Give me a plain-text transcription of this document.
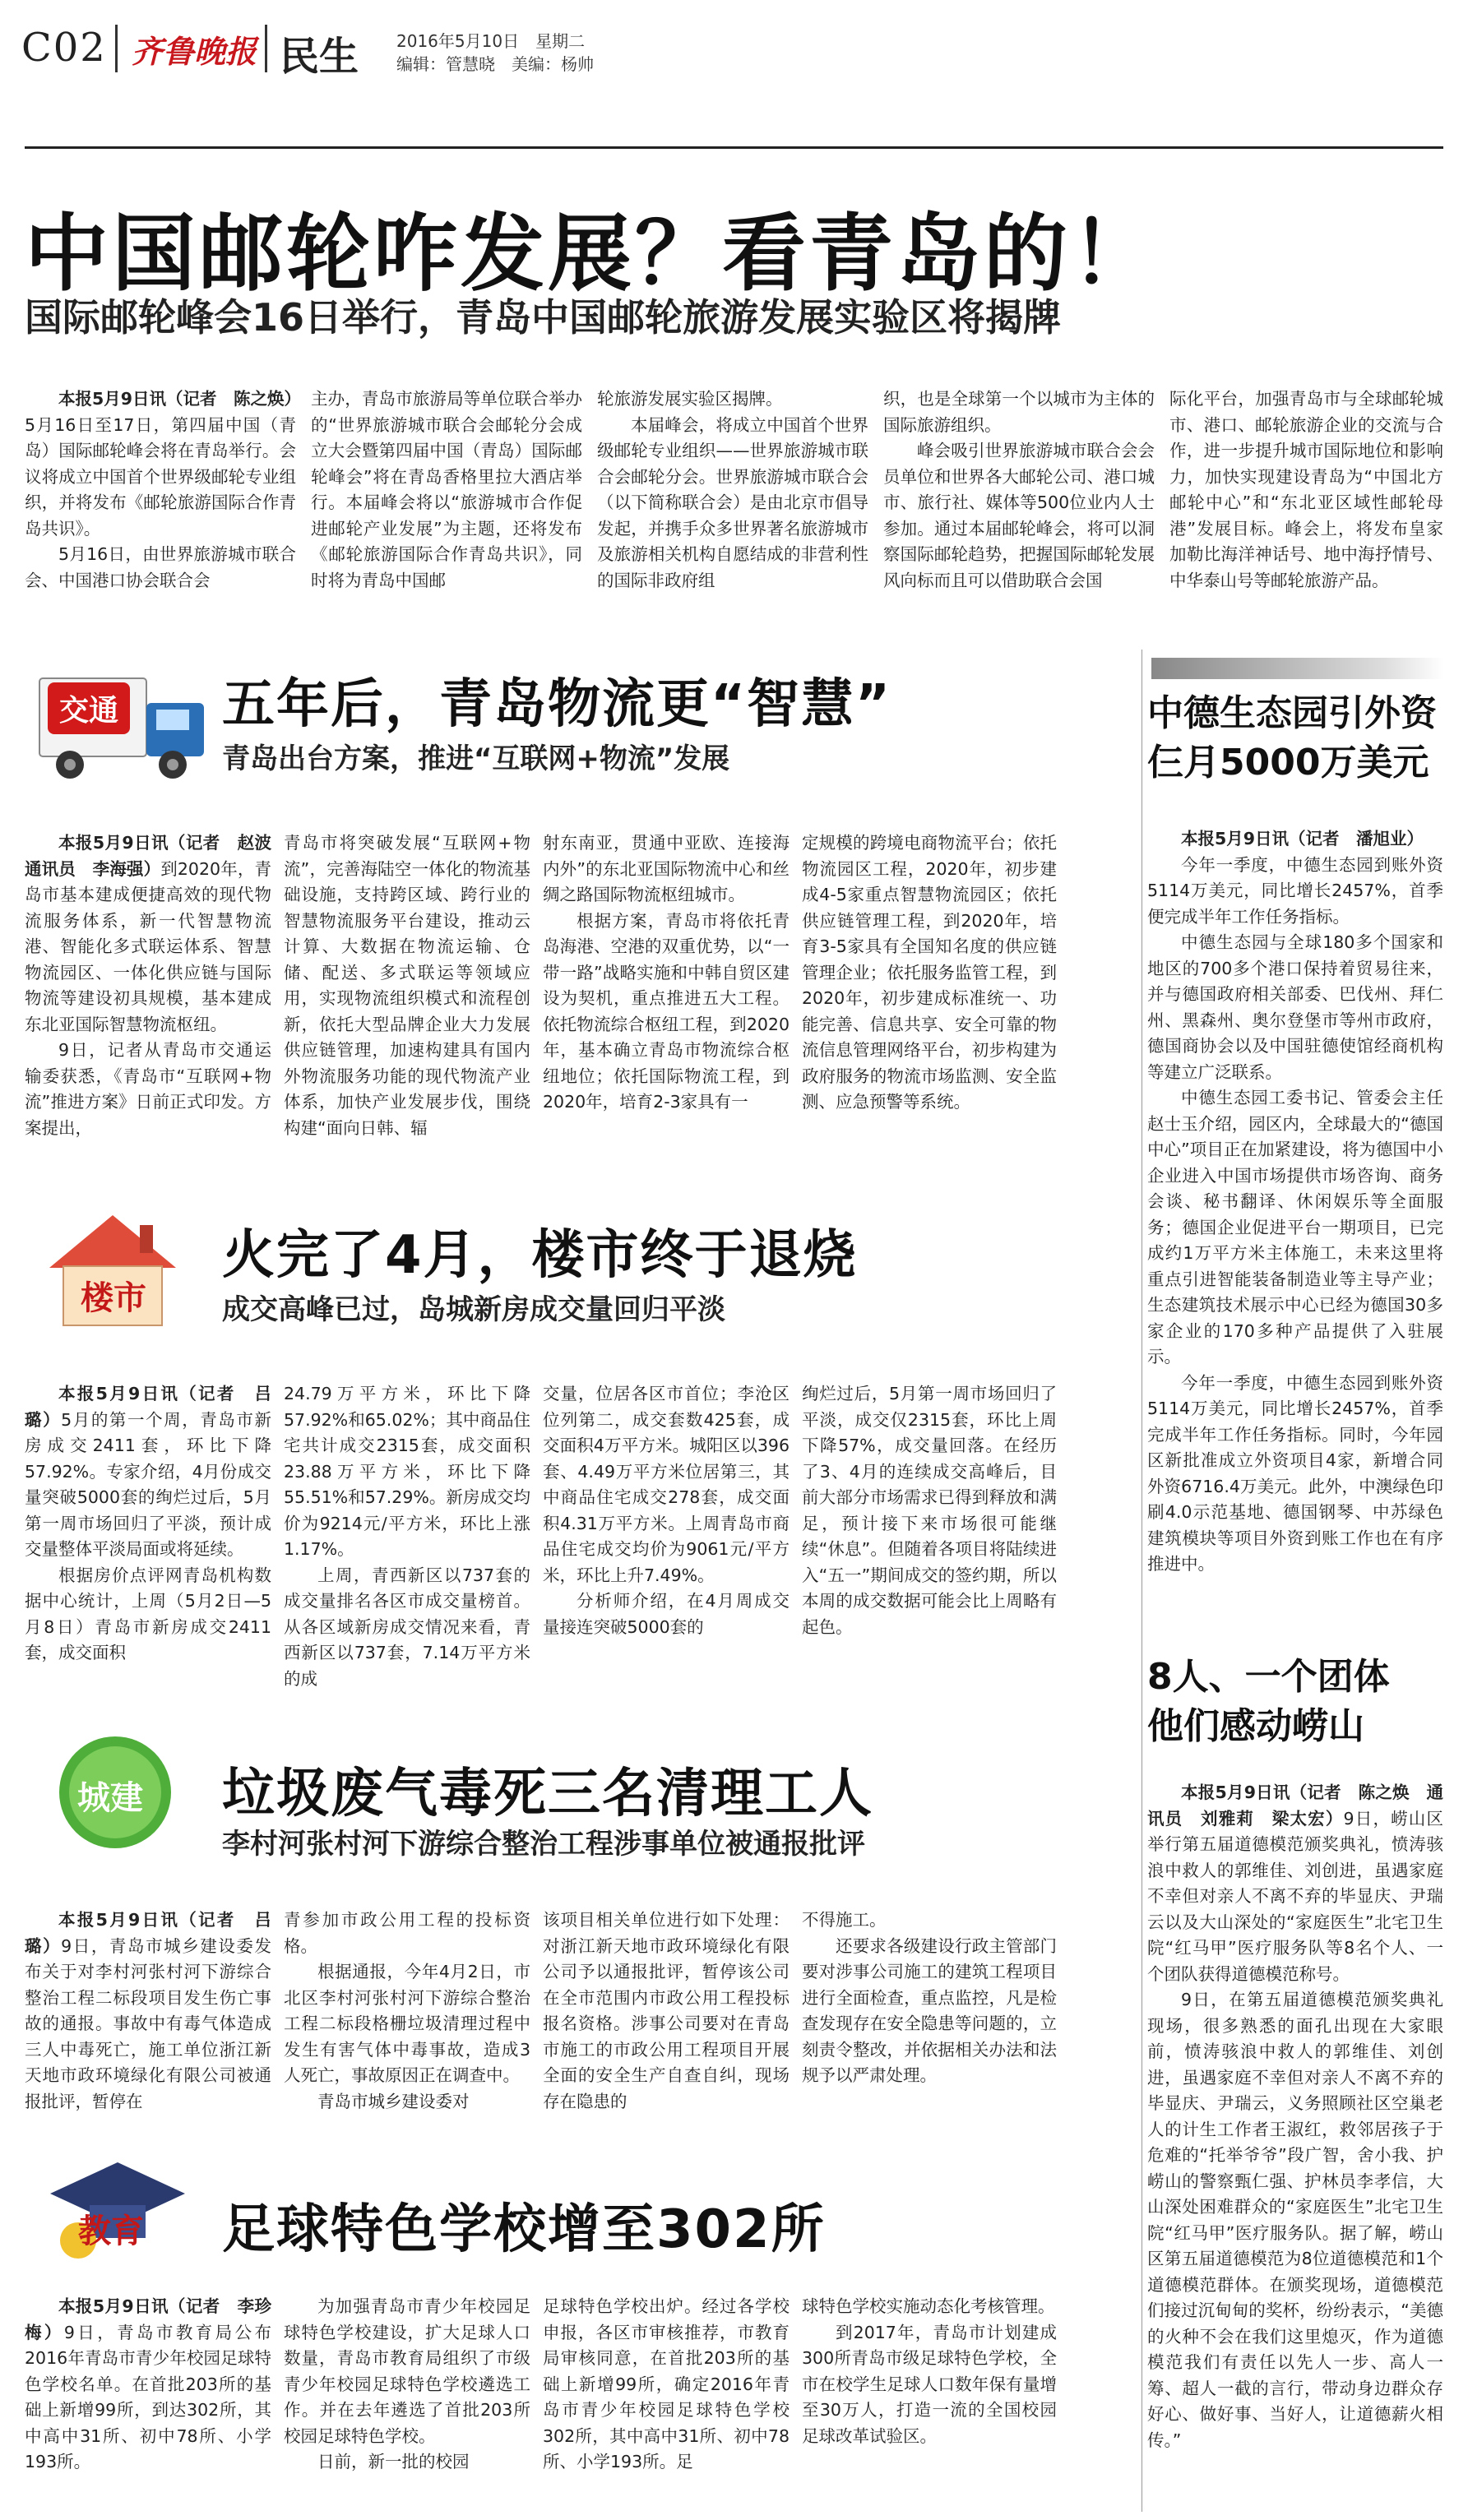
C02 齐鲁晚报 民生 2016年5月10日　星期二
编辑：管慧晓　美编：杨帅
中国邮轮咋发展？看青岛的！
国际邮轮峰会16日举行，青岛中国邮轮旅游发展实验区将揭牌

本报5月9日讯（记者　陈之焕）5月16日至17日，第四届中国（青岛）国际邮轮峰会将在青岛举行。会议将成立中国首个世界级邮轮专业组织，并将发布《邮轮旅游国际合作青岛共识》。

5月16日，由世界旅游城市联合会、中国港口协会联合会

主办，青岛市旅游局等单位联合举办的“世界旅游城市联合会邮轮分会成立大会暨第四届中国（青岛）国际邮轮峰会”将在青岛香格里拉大酒店举行。本届峰会将以“旅游城市合作促进邮轮产业发展”为主题，还将发布《邮轮旅游国际合作青岛共识》，同时将为青岛中国邮

轮旅游发展实验区揭牌。

本届峰会，将成立中国首个世界级邮轮专业组织——世界旅游城市联合会邮轮分会。世界旅游城市联合会（以下简称联合会）是由北京市倡导发起，并携手众多世界著名旅游城市及旅游相关机构自愿结成的非营利性的国际非政府组

织，也是全球第一个以城市为主体的国际旅游组织。

峰会吸引世界旅游城市联合会会员单位和世界各大邮轮公司、港口城市、旅行社、媒体等500位业内人士参加。通过本届邮轮峰会，将可以洞察国际邮轮趋势，把握国际邮轮发展风向标而且可以借助联合会国

际化平台，加强青岛市与全球邮轮城市、港口、邮轮旅游企业的交流与合作，进一步提升城市国际地位和影响力，加快实现建设青岛为“中国北方邮轮中心”和“东北亚区域性邮轮母港”发展目标。峰会上，将发布皇家加勒比海洋神话号、地中海抒情号、中华泰山号等邮轮旅游产品。

交通 五年后，青岛物流更“智慧”
青岛出台方案，推进“互联网+物流”发展

本报5月9日讯（记者　赵波　通讯员　李海强）到2020年，青岛市基本建成便捷高效的现代物流服务体系，新一代智慧物流港、智能化多式联运体系、智慧物流园区、一体化供应链与国际物流等建设初具规模，基本建成东北亚国际智慧物流枢纽。

9日，记者从青岛市交通运输委获悉，《青岛市“互联网+物流”推进方案》日前正式印发。方案提出，

青岛市将突破发展“互联网+物流”，完善海陆空一体化的物流基础设施，支持跨区域、跨行业的智慧物流服务平台建设，推动云计算、大数据在物流运输、仓储、配送、多式联运等领域应用，实现物流组织模式和流程创新，依托大型品牌企业大力发展供应链管理，加速构建具有国内外物流服务功能的现代物流产业体系，加快产业发展步伐，围绕构建“面向日韩、辐

射东南亚，贯通中亚欧、连接海内外”的东北亚国际物流中心和丝绸之路国际物流枢纽城市。

根据方案，青岛市将依托青岛海港、空港的双重优势，以“一带一路”战略实施和中韩自贸区建设为契机，重点推进五大工程。依托物流综合枢纽工程，到2020年，基本确立青岛市物流综合枢纽地位；依托国际物流工程，到2020年，培育2-3家具有一

定规模的跨境电商物流平台；依托物流园区工程，2020年，初步建成4-5家重点智慧物流园区；依托供应链管理工程，到2020年，培育3-5家具有全国知名度的供应链管理企业；依托服务监管工程，到2020年，初步建成标准统一、功能完善、信息共享、安全可靠的物流信息管理网络平台，初步构建为政府服务的物流市场监测、安全监测、应急预警等系统。

楼市
火完了4月，楼市终于退烧
成交高峰已过，岛城新房成交量回归平淡

本报5月9日讯（记者　吕璐）5月的第一个周，青岛市新房成交2411套，环比下降57.92%。专家介绍，4月份成交量突破5000套的绚烂过后，5月第一周市场回归了平淡，预计成交量整体平淡局面或将延续。

根据房价点评网青岛机构数据中心统计，上周（5月2日—5月8日）青岛市新房成交2411套，成交面积

24.79万平方米，环比下降57.92%和65.02%；其中商品住宅共计成交2315套，成交面积23.88万平方米，环比下降55.51%和57.29%。新房成交均价为9214元/平方米，环比上涨1.17%。

上周，青西新区以737套的成交量排名各区市成交量榜首。从各区域新房成交情况来看，青西新区以737套，7.14万平方米的成

交量，位居各区市首位；李沧区位列第二，成交套数425套，成交面积4万平方米。城阳区以396套、4.49万平方米位居第三，其中商品住宅成交278套，成交面积4.31万平方米。上周青岛市商品住宅成交均价为9061元/平方米，环比上升7.49%。

分析师介绍，在4月周成交量接连突破5000套的

绚烂过后，5月第一周市场回归了平淡，成交仅2315套，环比上周下降57%，成交量回落。在经历了3、4月的连续成交高峰后，目前大部分市场需求已得到释放和满足，预计接下来市场很可能继续“休息”。但随着各项目将陆续进入“五一”期间成交的签约期，所以本周的成交数据可能会比上周略有起色。

城建 垃圾废气毒死三名清理工人
李村河张村河下游综合整治工程涉事单位被通报批评

本报5月9日讯（记者　吕璐）9日，青岛市城乡建设委发布关于对李村河张村河下游综合整治工程二标段项目发生伤亡事故的通报。事故中有毒气体造成三人中毒死亡，施工单位浙江新天地市政环境绿化有限公司被通报批评，暂停在

青参加市政公用工程的投标资格。

根据通报，今年4月2日，市北区李村河张村河下游综合整治工程二标段格栅垃圾清理过程中发生有害气体中毒事故，造成3人死亡，事故原因正在调查中。

青岛市城乡建设委对

该项目相关单位进行如下处理：对浙江新天地市政环境绿化有限公司予以通报批评，暂停该公司在全市范围内市政公用工程投标报名资格。涉事公司要对在青岛市施工的市政公用工程项目开展全面的安全生产自查自纠，现场存在隐患的

不得施工。

还要求各级建设行政主管部门要对涉事公司施工的建筑工程项目进行全面检查，重点监控，凡是检查发现存在安全隐患等问题的，立刻责令整改，并依据相关办法和法规予以严肃处理。

教育 足球特色学校增至302所

本报5月9日讯（记者　李珍梅）9日，青岛市教育局公布2016年青岛市青少年校园足球特色学校名单。在首批203所的基础上新增99所，到达302所，其中高中31所、初中78所、小学193所。

为加强青岛市青少年校园足球特色学校建设，扩大足球人口数量，青岛市教育局组织了市级青少年校园足球特色学校遴选工作。并在去年遴选了首批203所校园足球特色学校。

日前，新一批的校园

足球特色学校出炉。经过各学校申报，各区市审核推荐，市教育局审核同意，在首批203所的基础上新增99所，确定2016年青岛市青少年校园足球特色学校302所，其中高中31所、初中78所、小学193所。足

球特色学校实施动态化考核管理。

到2017年，青岛市计划建成300所青岛市级足球特色学校，全市在校学生足球人口数年保有量增至30万人，打造一流的全国校园足球改革试验区。

中德生态园引外资
仨月5000万美元

本报5月9日讯（记者　潘旭业）

今年一季度，中德生态园到账外资5114万美元，同比增长2457%，首季便完成半年工作任务指标。

中德生态园与全球180多个国家和地区的700多个港口保持着贸易往来，并与德国政府相关部委、巴伐州、拜仁州、黑森州、奥尔登堡市等州市政府，德国商协会以及中国驻德使馆经商机构等建立广泛联系。

中德生态园工委书记、管委会主任赵士玉介绍，园区内，全球最大的“德国中心”项目正在加紧建设，将为德国中小企业进入中国市场提供市场咨询、商务会谈、秘书翻译、休闲娱乐等全面服务；德国企业促进平台一期项目，已完成约1万平方米主体施工，未来这里将重点引进智能装备制造业等主导产业；生态建筑技术展示中心已经为德国30多家企业的170多种产品提供了入驻展示。

今年一季度，中德生态园到账外资5114万美元，同比增长2457%，首季完成半年工作任务指标。同时，今年园区新批准成立外资项目4家，新增合同外资6716.4万美元。此外，中澳绿色印刷4.0示范基地、德国钢琴、中苏绿色建筑模块等项目外资到账工作也在有序推进中。

8人、一个团体
他们感动崂山

本报5月9日讯（记者　陈之焕　通讯员　刘雅莉　梁太宏）9日，崂山区举行第五届道德模范颁奖典礼，愤涛骇浪中救人的郭维佳、刘创进，虽遇家庭不幸但对亲人不离不弃的毕显庆、尹瑞云以及大山深处的“家庭医生”北宅卫生院“红马甲”医疗服务队等8名个人、一个团队获得道德模范称号。

9日，在第五届道德模范颁奖典礼现场，很多熟悉的面孔出现在大家眼前，愤涛骇浪中救人的郭维佳、刘创进，虽遇家庭不幸但对亲人不离不弃的毕显庆、尹瑞云，义务照顾社区空巢老人的计生工作者王淑红，救邻居孩子于危难的“托举爷爷”段广智，舍小我、护崂山的警察甄仁强、护林员李孝信，大山深处困难群众的“家庭医生”北宅卫生院“红马甲”医疗服务队。据了解，崂山区第五届道德模范为8位道德模范和1个道德模范群体。在颁奖现场，道德模范们接过沉甸甸的奖杯，纷纷表示，“美德的火种不会在我们这里熄灭，作为道德模范我们有责任以先人一步、高人一筹、超人一截的言行，带动身边群众存好心、做好事、当好人，让道德薪火相传。”
